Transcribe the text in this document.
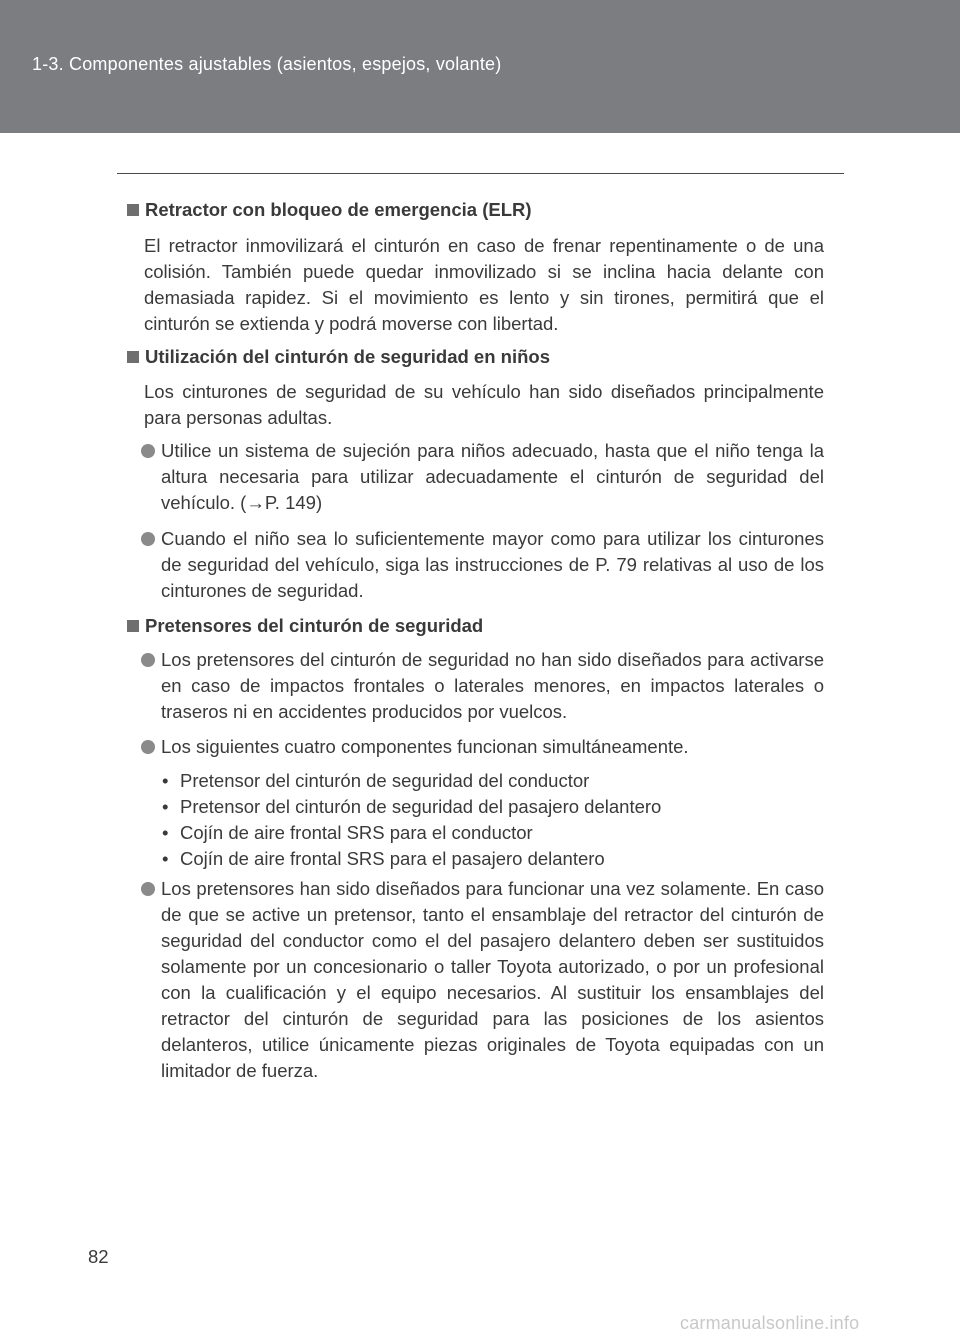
1-3. Componentes ajustables (asientos, espejos, volante)
Retractor con bloqueo de emergencia (ELR)
El retractor inmovilizará el cinturón en caso de frenar repentinamente o de una colisión. También puede quedar inmovilizado si se inclina hacia delante con demasiada rapidez. Si el movimiento es lento y sin tirones, permitirá que el cinturón se extienda y podrá moverse con libertad.
Utilización del cinturón de seguridad en niños
Los cinturones de seguridad de su vehículo han sido diseñados principalmente para personas adultas.
Utilice un sistema de sujeción para niños adecuado, hasta que el niño tenga la altura necesaria para utilizar adecuadamente el cinturón de seguridad del vehículo. (→P. 149)
Cuando el niño sea lo suficientemente mayor como para utilizar los cinturones de seguridad del vehículo, siga las instrucciones de P. 79 relativas al uso de los cinturones de seguridad.
Pretensores del cinturón de seguridad
Los pretensores del cinturón de seguridad no han sido diseñados para activarse en caso de impactos frontales o laterales menores, en impactos laterales o traseros ni en accidentes producidos por vuelcos.
Los siguientes cuatro componentes funcionan simultáneamente.
• Pretensor del cinturón de seguridad del conductor
• Pretensor del cinturón de seguridad del pasajero delantero
• Cojín de aire frontal SRS para el conductor
• Cojín de aire frontal SRS para el pasajero delantero
Los pretensores han sido diseñados para funcionar una vez solamente. En caso de que se active un pretensor, tanto el ensamblaje del retractor del cinturón de seguridad del conductor como el del pasajero delantero deben ser sustituidos solamente por un concesionario o taller Toyota autorizado, o por un profesional con la cualificación y el equipo necesarios. Al sustituir los ensamblajes del retractor del cinturón de seguridad para las posiciones de los asientos delanteros, utilice únicamente piezas originales de Toyota equipadas con un limitador de fuerza.
82
carmanualsonline.info
